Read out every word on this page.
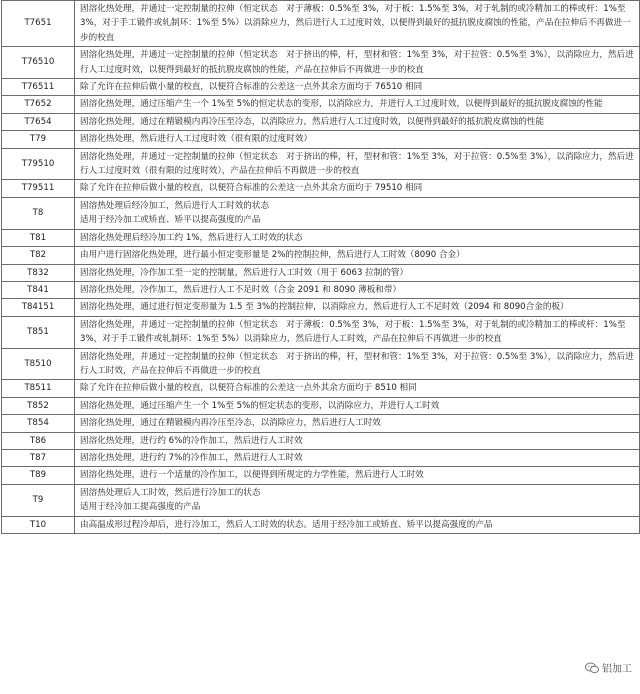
T7651	固溶化热处理，并通过一定控制量的拉伸（恒定状态　对于薄板：0.5%至 3%，对于板：1.5%至 3%，对于轧制的或冷精加工的棒或杆：1%至 3%，对于手工锻件或轧制环：1%至 5%）以消除应力，然后进行人工过度时效，以便得到最好的抵抗脱皮腐蚀的性能，产品在拉伸后不再做进一步的校直
T76510	固溶化热处理，并通过一定控制量的拉伸（恒定状态　对于挤出的棒，杆，型材和管：1%至 3%，对于拉管：0.5%至 3%），以消除应力，然后进行人工过度时效，以便得到最好的抵抗脱皮腐蚀的性能，产品在拉伸后不再做进一步的校直
T76511	除了允许在拉伸后做小量的校直，以便符合标准的公差这一点外其余方面均于 76510 相同
T7652	固溶化热处理，通过压缩产生一个 1%至 5%的恒定状态的变形，以消除应力，并进行人工过度时效，以便得到最好的抵抗脱皮腐蚀的性能
T7654	固溶化热处理，通过在精锻模内再冷压至冷态，以消除应力，然后进行人工过度时效，以便得到最好的抵抗脱皮腐蚀的性能
T79	固溶化热处理，然后进行人工过度时效（很有限的过度时效）
T79510	固溶化热处理，并通过一定控制量的拉伸（恒定状态　对于挤出的棒，杆，型材和管：1%至 3%，对于拉管：0.5%至 3%），以消除应力，然后进行人工过度时效（很有限的过度时效），产品在拉伸后不再做进一步的校直
T79511	除了允许在拉伸后做小量的校直，以便符合标准的公差这一点外其余方面均于 79510 相同
T8	固溶热处理后经冷加工，然后进行人工时效的状态
适用于经冷加工或矫直、矫平以提高强度的产品
T81	固溶化热处理后经冷加工约 1%，然后进行人工时效的状态
T82	由用户进行固溶化热处理，进行最小恒定变形量是 2%的控制拉伸，然后进行人工时效（8090 合金）
T832	固溶化热处理，冷作加工至一定的控制量，然后进行人工时效（用于 6063 拉制的管）
T841	固溶化热处理，冷作加工，然后进行人工不足时效（合金 2091 和 8090 薄板和带）
T84151	固溶化热处理，通过进行恒定变形量为 1.5 至 3%的控制拉伸，以消除应力，然后进行人工不足时效（2094 和 8090合金的板）
T851	固溶化热处理，并通过一定控制量的拉伸（恒定状态　对于薄板：0.5%至 3%，对于板：1.5%至 3%，对于轧制的或冷精加工的棒或杆：1%至 3%，对于手工锻件或轧制环：1%至 5%）以消除应力，然后进行人工时效，产品在拉伸后不再做进一步的校直
T8510	固溶化热处理，并通过一定控制量的拉伸（恒定状态　对于挤出的棒，杆，型材和管：1%至 3%，对于拉管：0.5%至 3%），以消除应力，然后进行人工时效，产品在拉伸后不再做进一步的校直
T8511	除了允许在拉伸后做小量的校直，以便符合标准的公差这一点外其余方面均于 8510 相同
T852	固溶化热处理，通过压缩产生一个 1%至 5%的恒定状态的变形，以消除应力，并进行人工时效
T854	固溶化热处理，通过在精锻模内再冷压至冷态，以消除应力，然后进行人工时效
T86	固溶化热处理，进行约 6%的冷作加工，然后进行人工时效
T87	固溶化热处理，进行约 7%的冷作加工，然后进行人工时效
T89	固溶化热处理，进行一个适量的冷作加工，以便得到所规定的力学性能，然后进行人工时效
T9	固溶热处理后人工时效，然后进行冷加工的状态
适用于经冷加工提高强度的产品
T10	由高温成形过程冷却后，进行冷加工，然后人工时效的状态。适用于经冷加工或矫直、矫平以提高强度的产品
铝加工
